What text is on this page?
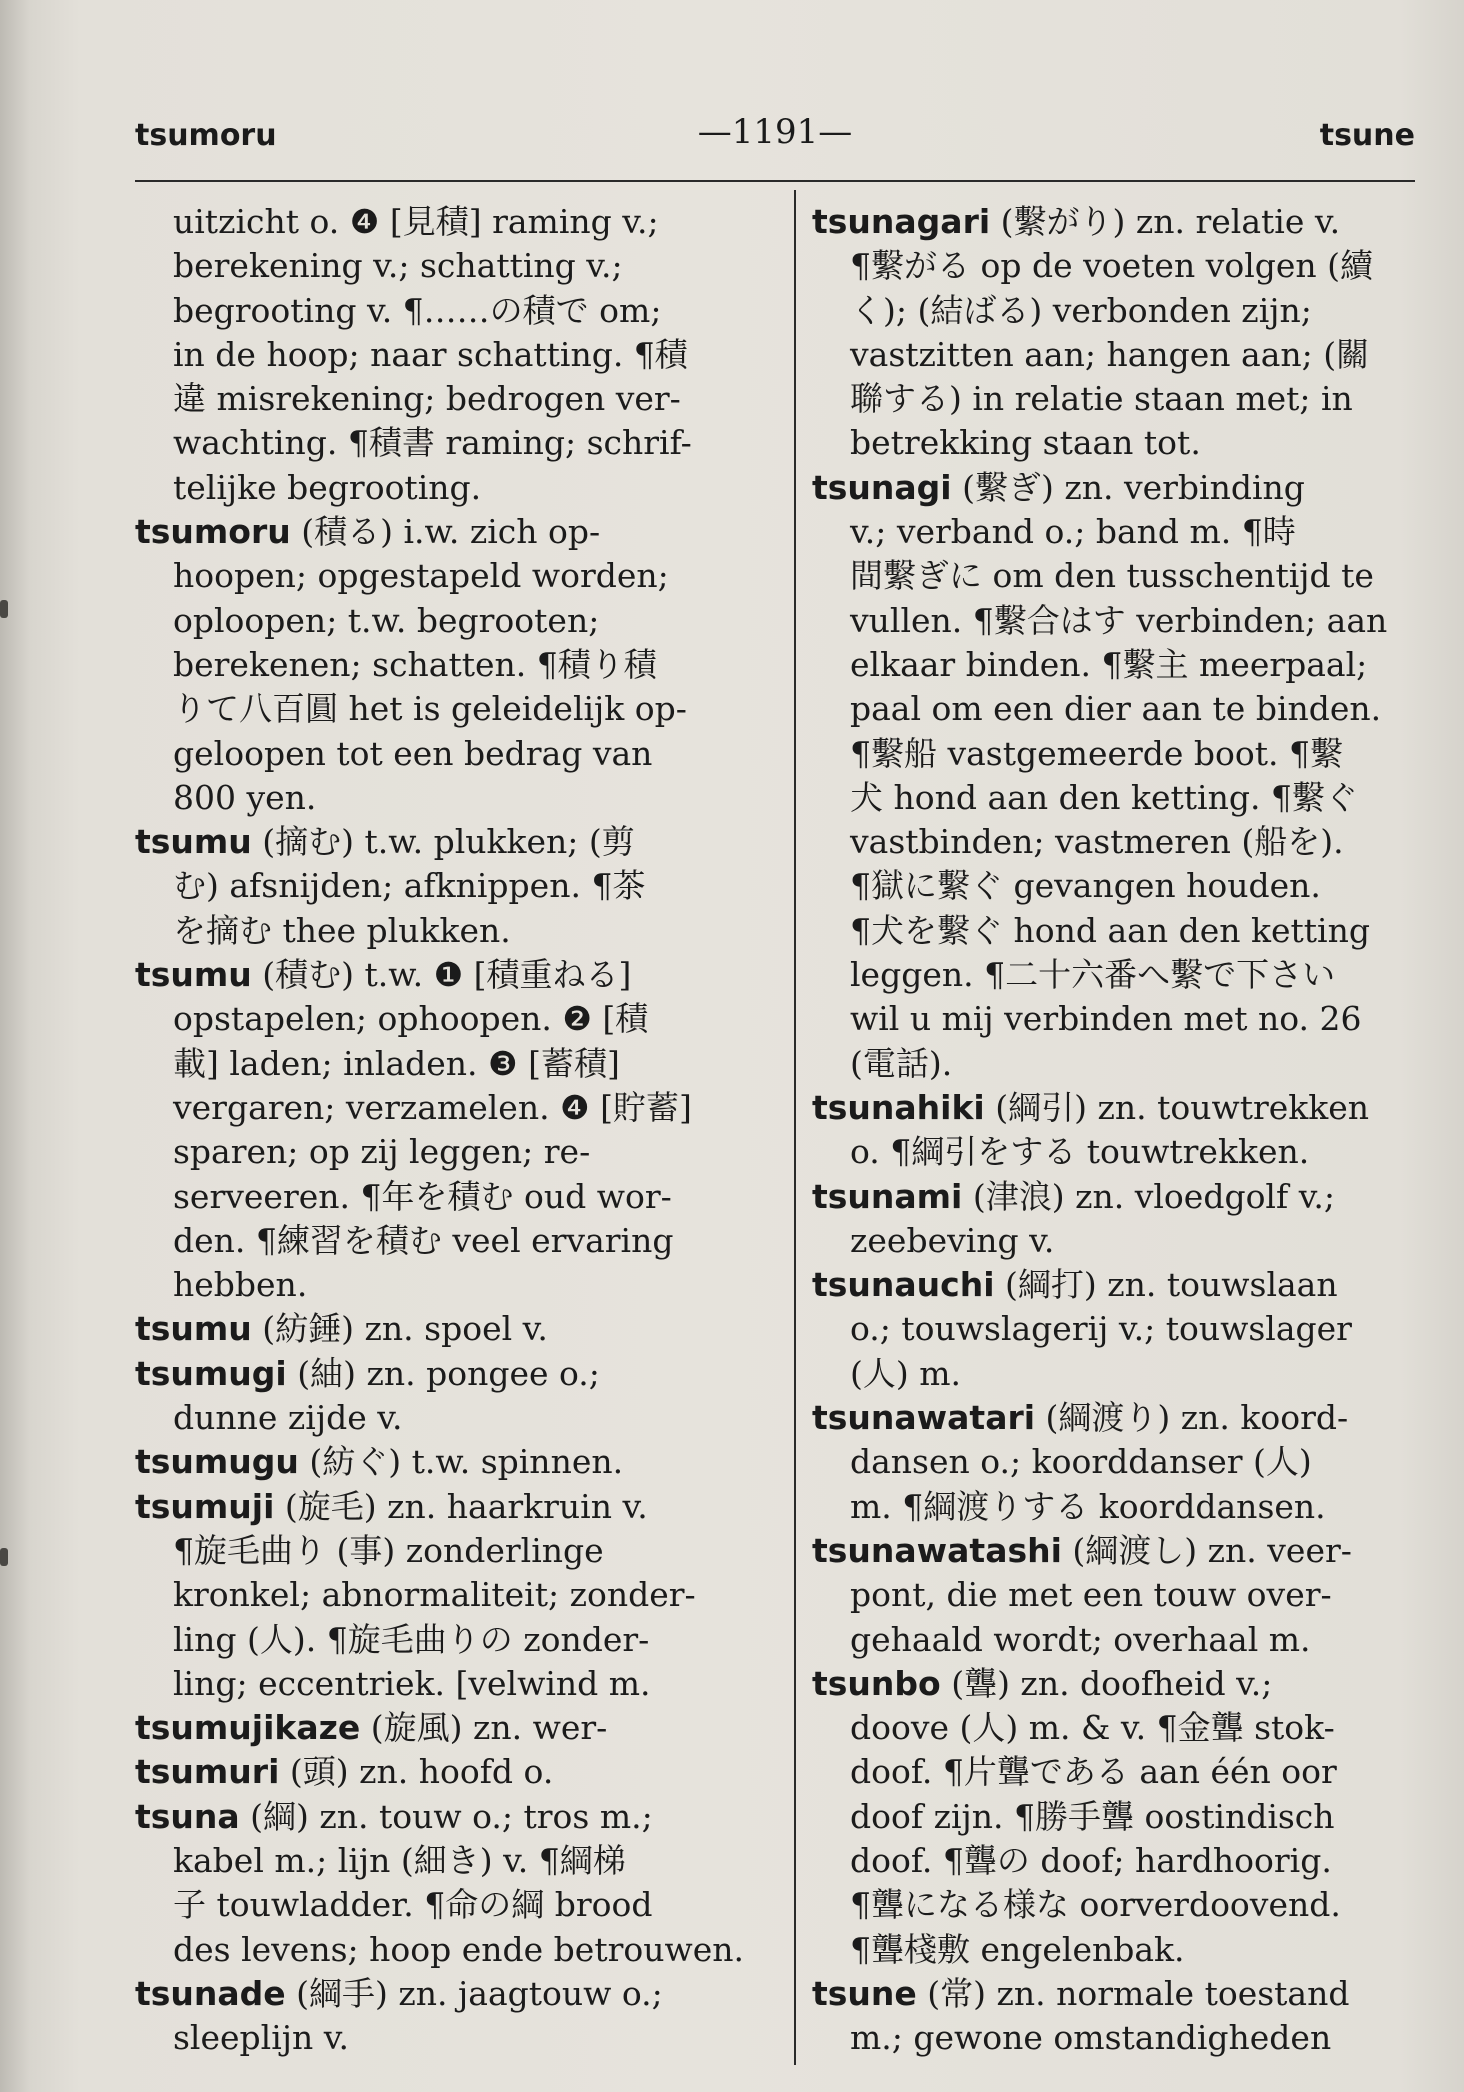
tsumoru	—1191—	tsune
uitzicht o. ❹ [見積] raming v.;
berekening v.; schatting v.;
begrooting v. ¶……の積で om;
in de hoop; naar schatting. ¶積
違 misrekening; bedrogen ver-
wachting. ¶積書 raming; schrif-
telijke begrooting.
tsumoru (積る) i.w. zich op-
hoopen; opgestapeld worden;
oploopen; t.w. begrooten;
berekenen; schatten. ¶積り積
りて八百圓 het is geleidelijk op-
geloopen tot een bedrag van
800 yen.
tsumu (摘む) t.w. plukken; (剪
む) afsnijden; afknippen. ¶茶
を摘む thee plukken.
tsumu (積む) t.w. ❶ [積重ねる]
opstapelen; ophoopen. ❷ [積
載] laden; inladen. ❸ [蓄積]
vergaren; verzamelen. ❹ [貯蓄]
sparen; op zij leggen; re-
serveeren. ¶年を積む oud wor-
den. ¶練習を積む veel ervaring
hebben.
tsumu (紡錘) zn. spoel v.
tsumugi (紬) zn. pongee o.;
dunne zijde v.
tsumugu (紡ぐ) t.w. spinnen.
tsumuji (旋毛) zn. haarkruin v.
¶旋毛曲り (事) zonderlinge
kronkel; abnormaliteit; zonder-
ling (人). ¶旋毛曲りの zonder-
ling; eccentriek. [velwind m.
tsumujikaze (旋風) zn. wer-
tsumuri (頭) zn. hoofd o.
tsuna (綱) zn. touw o.; tros m.;
kabel m.; lijn (細き) v. ¶綱梯
子 touwladder. ¶命の綱 brood
des levens; hoop ende betrouwen.
tsunade (綱手) zn. jaagtouw o.;
sleeplijn v.
tsunagari (繫がり) zn. relatie v.
¶繫がる op de voeten volgen (續
く); (結ばる) verbonden zijn;
vastzitten aan; hangen aan; (關
聯する) in relatie staan met; in
betrekking staan tot.
tsunagi (繫ぎ) zn. verbinding
v.; verband o.; band m. ¶時
間繫ぎに om den tusschentijd te
vullen. ¶繫合はす verbinden; aan
elkaar binden. ¶繫主 meerpaal;
paal om een dier aan te binden.
¶繫船 vastgemeerde boot. ¶繫
犬 hond aan den ketting. ¶繫ぐ
vastbinden; vastmeren (船を).
¶獄に繫ぐ gevangen houden.
¶犬を繫ぐ hond aan den ketting
leggen. ¶二十六番へ繫で下さい
wil u mij verbinden met no. 26
(電話).
tsunahiki (綱引) zn. touwtrekken
o. ¶綱引をする touwtrekken.
tsunami (津浪) zn. vloedgolf v.;
zeebeving v.
tsunauchi (綱打) zn. touwslaan
o.; touwslagerij v.; touwslager
(人) m.
tsunawatari (綱渡り) zn. koord-
dansen o.; koorddanser (人)
m. ¶綱渡りする koorddansen.
tsunawatashi (綱渡し) zn. veer-
pont, die met een touw over-
gehaald wordt; overhaal m.
tsunbo (聾) zn. doofheid v.;
doove (人) m. & v. ¶金聾 stok-
doof. ¶片聾である aan één oor
doof zijn. ¶勝手聾 oostindisch
doof. ¶聾の doof; hardhoorig.
¶聾になる様な oorverdoovend.
¶聾棧敷 engelenbak.
tsune (常) zn. normale toestand
m.; gewone omstandigheden
